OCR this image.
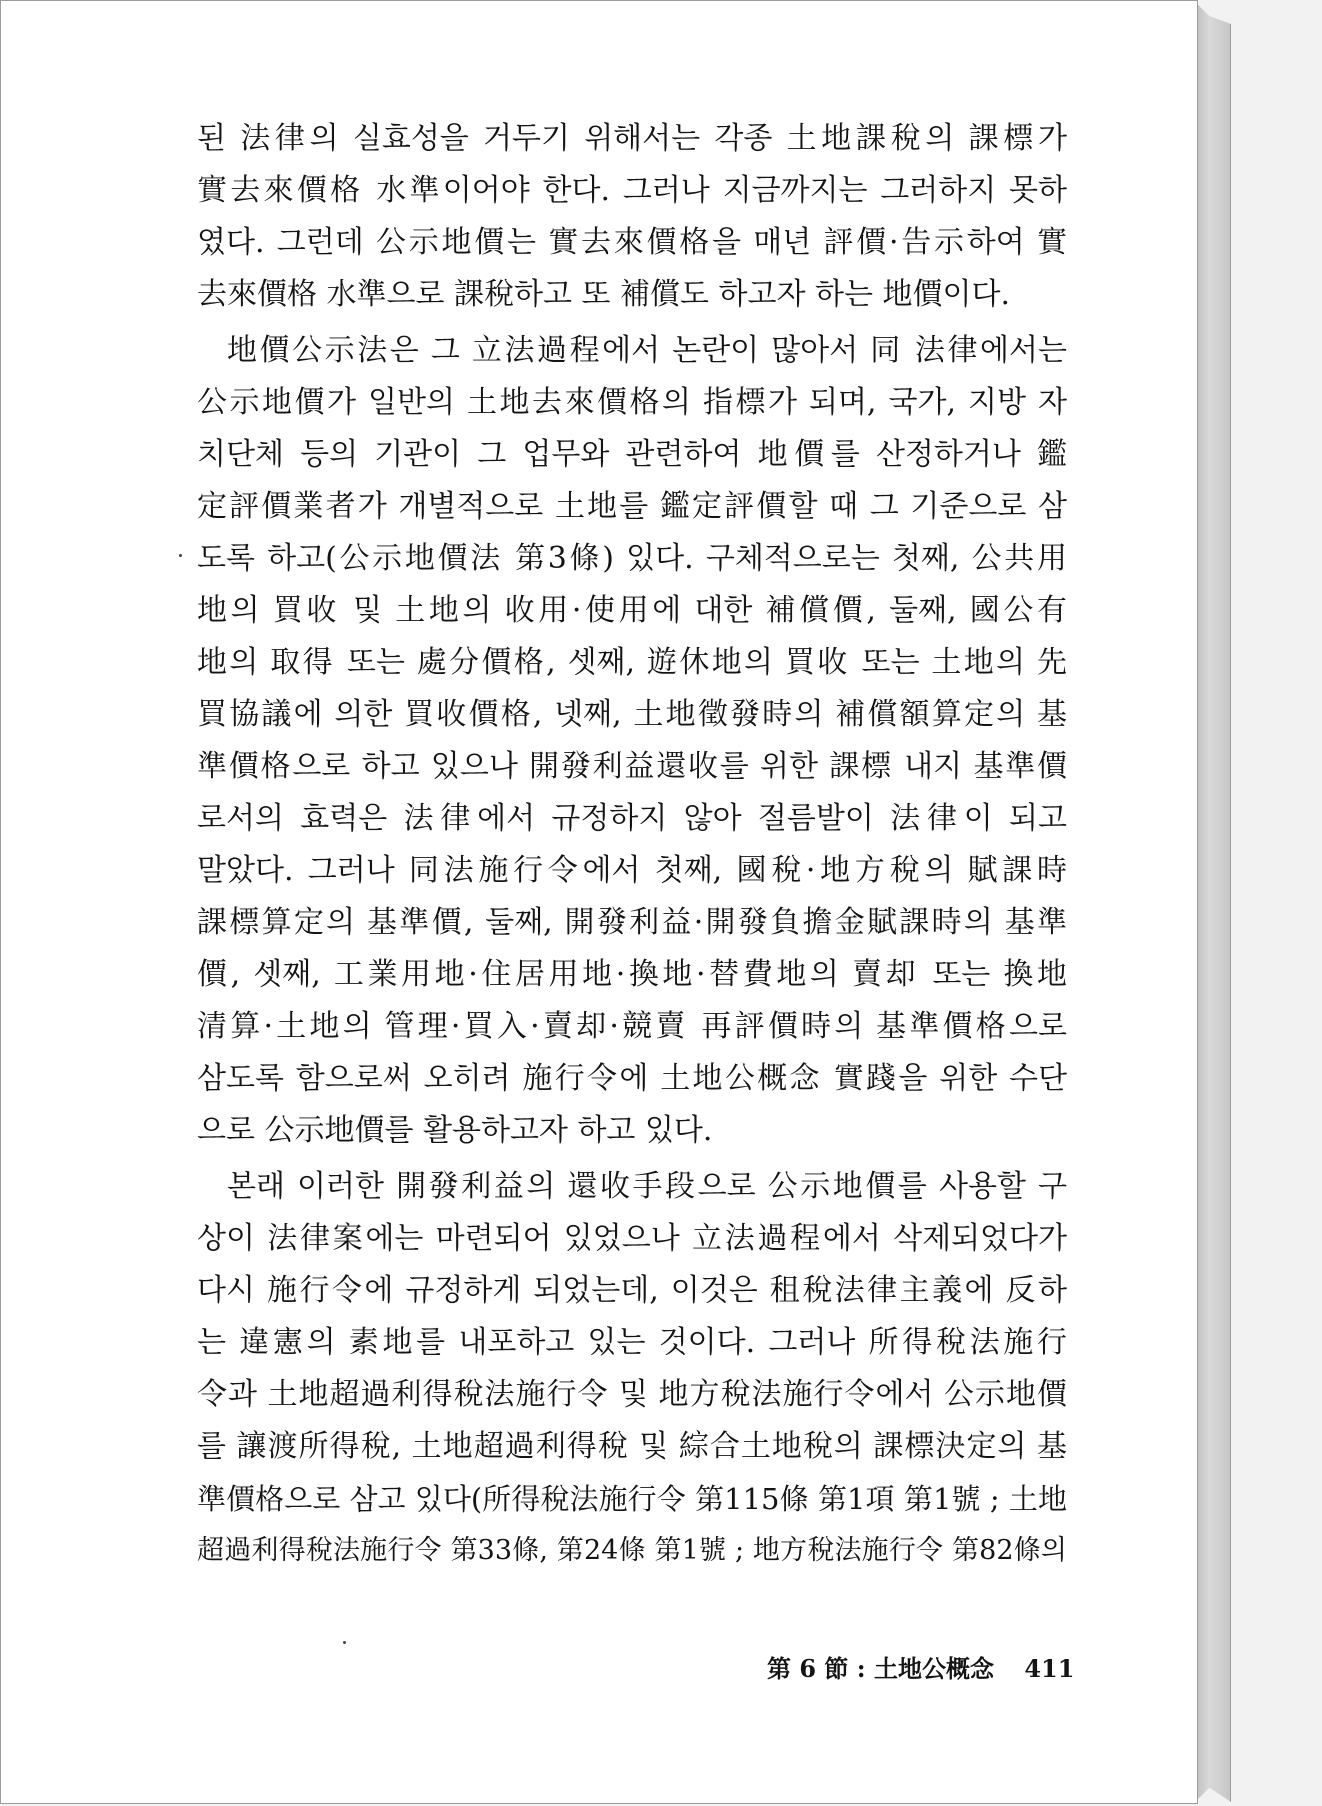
된 法律의 실효성을 거두기 위해서는 각종 土地課稅의 課標가
實去來價格 水準이어야 한다. 그러나 지금까지는 그러하지 못하
였다. 그런데 公示地價는 實去來價格을 매년 評價·告示하여 實
去來價格 水準으로 課稅하고 또 補償도 하고자 하는 地價이다.
地價公示法은 그 立法過程에서 논란이 많아서 同 法律에서는
公示地價가 일반의 土地去來價格의 指標가 되며, 국가, 지방 자
치단체 등의 기관이 그 업무와 관련하여 地價를 산정하거나 鑑
定評價業者가 개별적으로 土地를 鑑定評價할 때 그 기준으로 삼
도록 하고(公示地價法 第3條) 있다. 구체적으로는 첫째, 公共用
地의 買收 및 土地의 收用·使用에 대한 補償價, 둘째, 國公有
地의 取得 또는 處分價格, 셋째, 遊休地의 買收 또는 土地의 先
買協議에 의한 買收價格, 넷째, 土地徵發時의 補償額算定의 基
準價格으로 하고 있으나 開發利益還收를 위한 課標 내지 基準價
로서의 효력은 法律에서 규정하지 않아 절름발이 法律이 되고
말았다. 그러나 同法施行令에서 첫째, 國稅·地方稅의 賦課時
課標算定의 基準價, 둘째, 開發利益·開發負擔金賦課時의 基準
價, 셋째, 工業用地·住居用地·換地·替費地의 賣却 또는 換地
清算·土地의 管理·買入·賣却·競賣 再評價時의 基準價格으로
삼도록 함으로써 오히려 施行令에 土地公概念 實踐을 위한 수단
으로 公示地價를 활용하고자 하고 있다.
본래 이러한 開發利益의 還收手段으로 公示地價를 사용할 구
상이 法律案에는 마련되어 있었으나 立法過程에서 삭제되었다가
다시 施行令에 규정하게 되었는데, 이것은 租稅法律主義에 反하
는 違憲의 素地를 내포하고 있는 것이다. 그러나 所得稅法施行
令과 土地超過利得稅法施行令 및 地方稅法施行令에서 公示地價
를 讓渡所得稅, 土地超過利得稅 및 綜合土地稅의 課標決定의 基
準價格으로 삼고 있다(所得稅法施行令 第115條 第1項 第1號 ; 土地
超過利得稅法施行令 第33條, 第24條 第1號 ; 地方稅法施行令 第82條의
第 6 節 : 土地公概念 411
